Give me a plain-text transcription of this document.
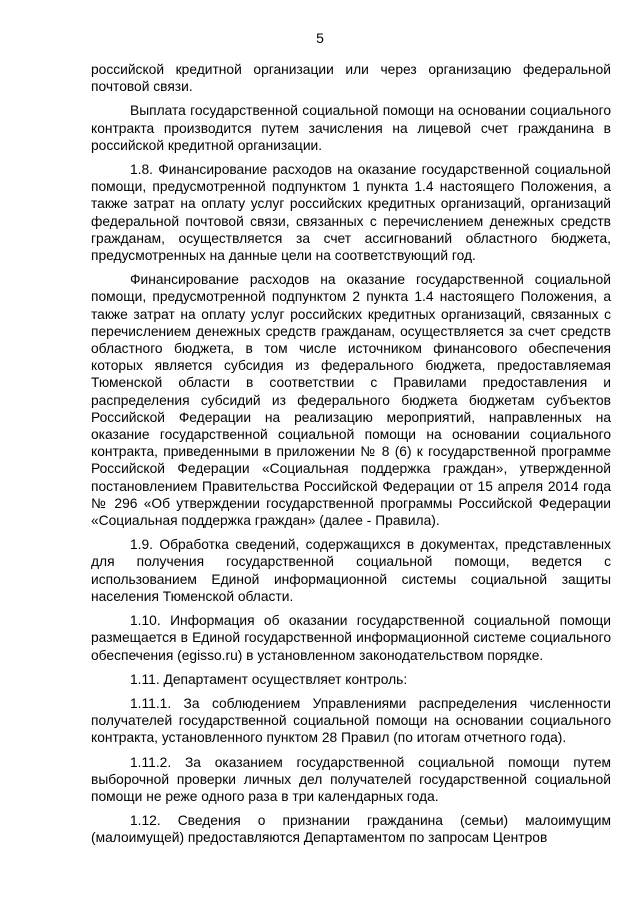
5

российской кредитной организации или через организацию федеральной почтовой связи.

Выплата государственной социальной помощи на основании социального контракта производится путем зачисления на лицевой счет гражданина в российской кредитной организации.

1.8. Финансирование расходов на оказание государственной социальной помощи, предусмотренной подпунктом 1 пункта 1.4 настоящего Положения, а также затрат на оплату услуг российских кредитных организаций, организаций федеральной почтовой связи, связанных с перечислением денежных средств гражданам, осуществляется за счет ассигнований областного бюджета, предусмотренных на данные цели на соответствующий год.

Финансирование расходов на оказание государственной социальной помощи, предусмотренной подпунктом 2 пункта 1.4 настоящего Положения, а также затрат на оплату услуг российских кредитных организаций, связанных с перечислением денежных средств гражданам, осуществляется за счет средств областного бюджета, в том числе источником финансового обеспечения которых является субсидия из федерального бюджета, предоставляемая Тюменской области в соответствии с Правилами предоставления и распределения субсидий из федерального бюджета бюджетам субъектов Российской Федерации на реализацию мероприятий, направленных на оказание государственной социальной помощи на основании социального контракта, приведенными в приложении № 8 (6) к государственной программе Российской Федерации «Социальная поддержка граждан», утвержденной постановлением Правительства Российской Федерации от 15 апреля 2014 года № 296 «Об утверждении государственной программы Российской Федерации «Социальная поддержка граждан» (далее - Правила).

1.9. Обработка сведений, содержащихся в документах, представленных для получения государственной социальной помощи, ведется с использованием Единой информационной системы социальной защиты населения Тюменской области.

1.10. Информация об оказании государственной социальной помощи размещается в Единой государственной информационной системе социального обеспечения (egisso.ru) в установленном законодательством порядке.

1.11. Департамент осуществляет контроль:

1.11.1. За соблюдением Управлениями распределения численности получателей государственной социальной помощи на основании социального контракта, установленного пунктом 28 Правил (по итогам отчетного года).

1.11.2. За оказанием государственной социальной помощи путем выборочной проверки личных дел получателей государственной социальной помощи не реже одного раза в три календарных года.

1.12. Сведения о признании гражданина (семьи) малоимущим (малоимущей) предоставляются Департаментом по запросам Центров
